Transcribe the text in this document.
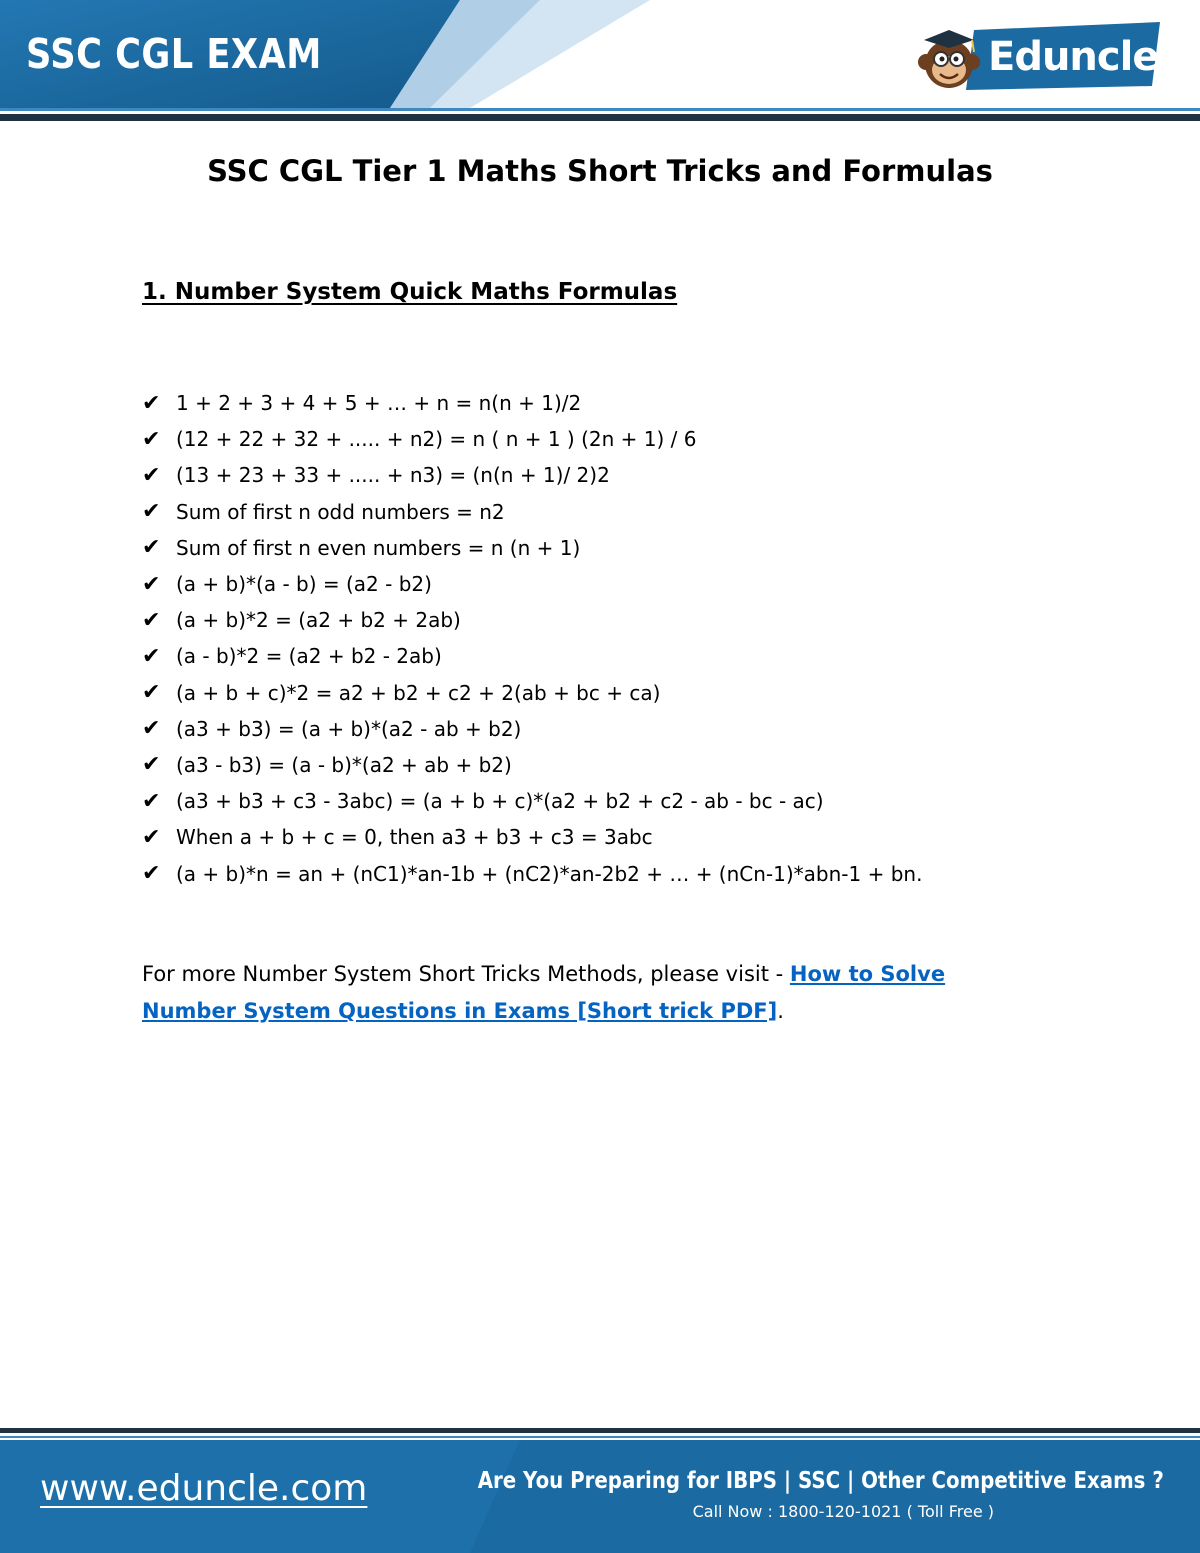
SSC CGL EXAM	Eduncle
SSC CGL Tier 1 Maths Short Tricks and Formulas
1. Number System Quick Maths Formulas
✔ 1 + 2 + 3 + 4 + 5 + … + n = n(n + 1)/2
✔ (12 + 22 + 32 + ..... + n2) = n ( n + 1 ) (2n + 1) / 6
✔ (13 + 23 + 33 + ..... + n3) = (n(n + 1)/ 2)2
✔ Sum of first n odd numbers = n2
✔ Sum of first n even numbers = n (n + 1)
✔ (a + b)*(a - b) = (a2 - b2)
✔ (a + b)*2 = (a2 + b2 + 2ab)
✔ (a - b)*2 = (a2 + b2 - 2ab)
✔ (a + b + c)*2 = a2 + b2 + c2 + 2(ab + bc + ca)
✔ (a3 + b3) = (a + b)*(a2 - ab + b2)
✔ (a3 - b3) = (a - b)*(a2 + ab + b2)
✔ (a3 + b3 + c3 - 3abc) = (a + b + c)*(a2 + b2 + c2 - ab - bc - ac)
✔ When a + b + c = 0, then a3 + b3 + c3 = 3abc
✔ (a + b)*n = an + (nC1)*an-1b + (nC2)*an-2b2 + … + (nCn-1)*abn-1 + bn.
For more Number System Short Tricks Methods, please visit - How to Solve Number System Questions in Exams [Short trick PDF].
www.eduncle.com	Are You Preparing for IBPS | SSC | Other Competitive Exams ?
Call Now : 1800-120-1021 ( Toll Free )
